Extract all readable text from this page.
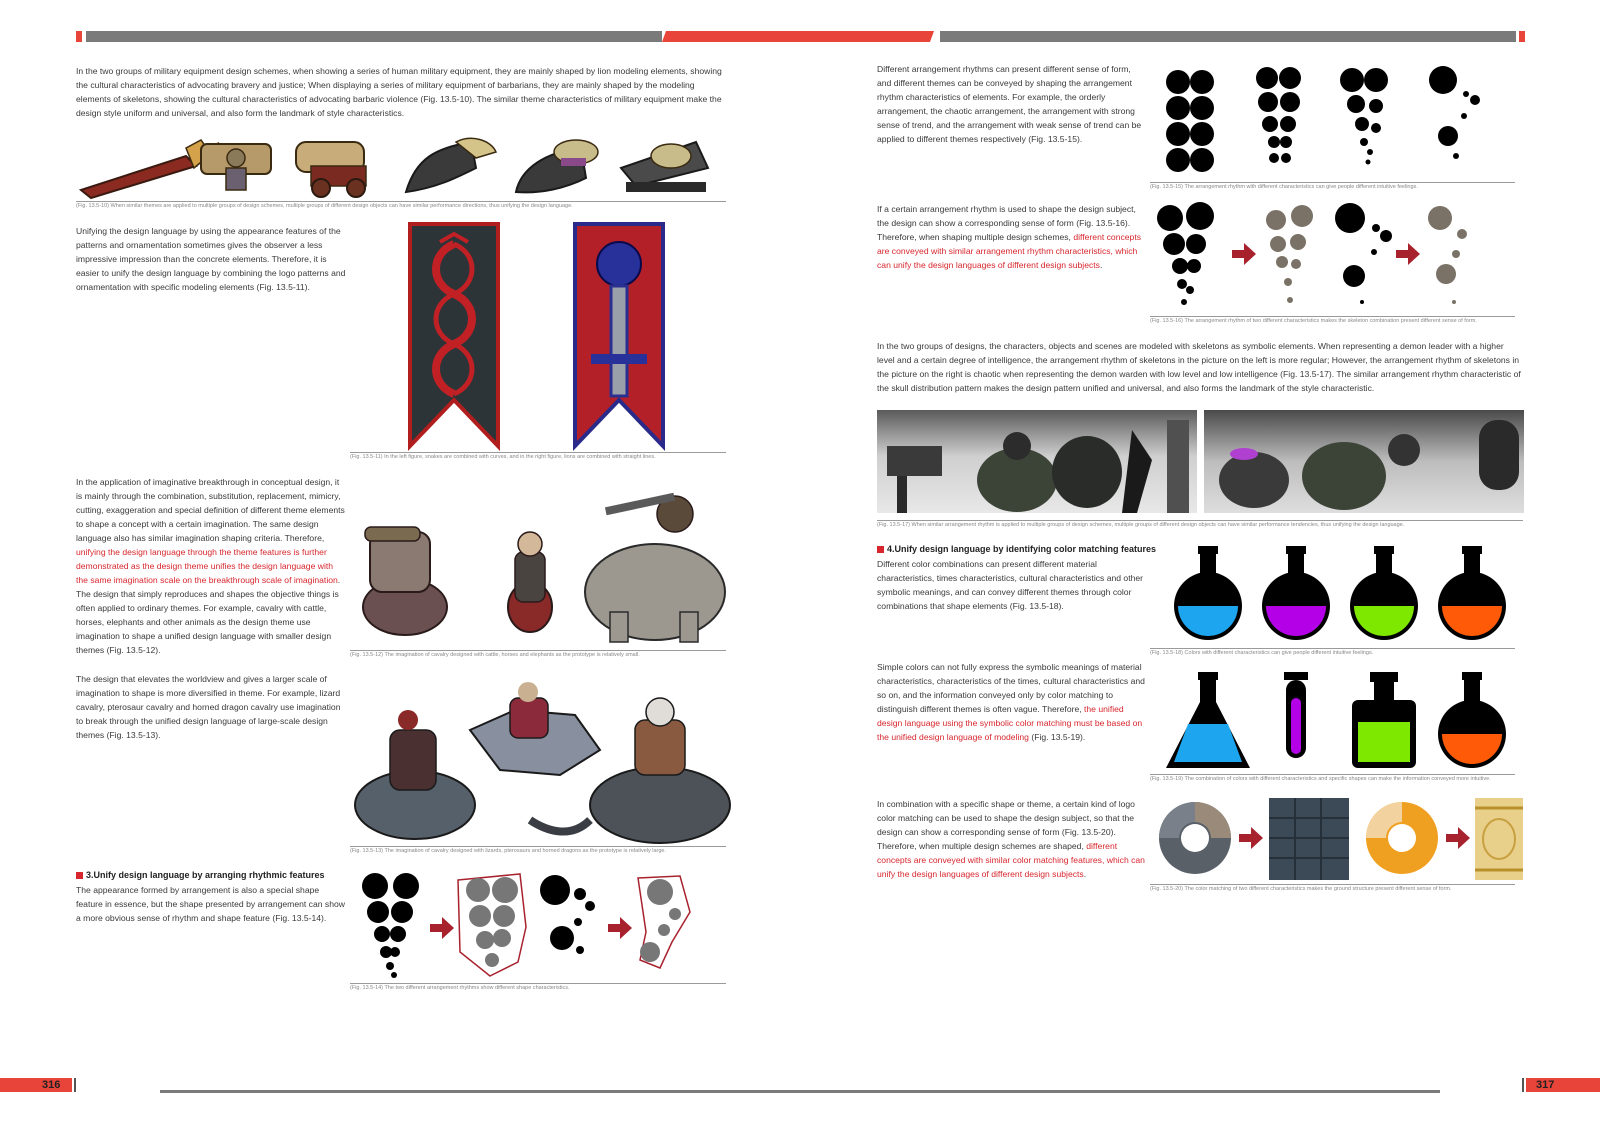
In the two groups of military equipment design schemes, when showing a series of human military equipment, they are mainly shaped by lion modeling elements, showing the cultural characteristics of advocating bravery and justice; When displaying a series of military equipment of barbarians, they are mainly shaped by the modeling elements of skeletons, showing the cultural characteristics of advocating barbaric violence (Fig. 13.5-10). The similar theme characteristics of military equipment make the design style uniform and universal, and also form the landmark of style characteristics.

(Fig. 13.5-10) When similar themes are applied to multiple groups of design schemes, multiple groups of different design objects can have similar performance directions, thus unifying the design language.

Unifying the design language by using the appearance features of the patterns and ornamentation sometimes gives the observer a less impressive impression than the concrete elements. Therefore, it is easier to unify the design language by combining the logo patterns and ornamentation with specific modeling elements (Fig. 13.5-11).

(Fig. 13.5-11) In the left figure, snakes are combined with curves, and in the right figure, lions are combined with straight lines.

In the application of imaginative breakthrough in conceptual design, it is mainly through the combination, substitution, replacement, mimicry, cutting, exaggeration and special definition of different theme elements to shape a concept with a certain imagination. The same design language also has similar imagination shaping criteria. Therefore, unifying the design language through the theme features is further demonstrated as the design theme unifies the design language with the same imagination scale on the breakthrough scale of imagination. The design that simply reproduces and shapes the objective things is often applied to ordinary themes. For example, cavalry with cattle, horses, elephants and other animals as the design theme use imagination to shape a unified design language with smaller design themes (Fig. 13.5-12).	(Fig. 13.5-12) The imagination of cavalry designed with cattle, horses and elephants as the prototype is relatively small.

The design that elevates the worldview and gives a larger scale of imagination to shape is more diversified in theme. For example, lizard cavalry, pterosaur cavalry and horned dragon cavalry use imagination to break through the unified design language of large-scale design themes (Fig. 13.5-13).

(Fig. 13.5-13) The imagination of cavalry designed with lizards, pterosaurs and horned dragons as the prototype is relatively large.
3.Unify design language by arranging rhythmic features

The appearance formed by arrangement is also a special shape feature in essence, but the shape presented by arrangement can show a more obvious sense of rhythm and shape feature (Fig. 13.5-14).

(Fig. 13.5-14) The two different arrangement rhythms show different shape characteristics.

Different arrangement rhythms can present different sense of form, and different themes can be conveyed by shaping the arrangement rhythm characteristics of elements. For example, the orderly arrangement, the chaotic arrangement, the arrangement with strong sense of trend, and the arrangement with weak sense of trend can be applied to different themes respectively (Fig. 13.5-15).

(Fig. 13.5-15) The arrangement rhythm with different characteristics can give people different intuitive feelings.

If a certain arrangement rhythm is used to shape the design subject, the design can show a corresponding sense of form (Fig. 13.5-16). Therefore, when shaping multiple design schemes, different concepts are conveyed with similar arrangement rhythm characteristics, which can unify the design languages of different design subjects.

(Fig. 13.5-16) The arrangement rhythm of two different characteristics makes the skeleton combination present different sense of form.

In the two groups of designs, the characters, objects and scenes are modeled with skeletons as symbolic elements. When representing a demon leader with a higher level and a certain degree of intelligence, the arrangement rhythm of skeletons in the picture on the left is more regular; However, the arrangement rhythm of skeletons in the picture on the right is chaotic when representing the demon warden with low level and low intelligence (Fig. 13.5-17). The similar arrangement rhythm characteristic of the skull distribution pattern makes the design pattern unified and universal, and also forms the landmark of the style characteristic.

(Fig. 13.5-17) When similar arrangement rhythm is applied to multiple groups of design schemes, multiple groups of different design objects can have similar performance tendencies, thus unifying the design language.
4.Unify design language by identifying color matching features

Different color combinations can present different material characteristics, times characteristics, cultural characteristics and other symbolic meanings, and can convey different themes through color combinations that shape elements (Fig. 13.5-18).

(Fig. 13.5-18) Colors with different characteristics can give people different intuitive feelings.

Simple colors can not fully express the symbolic meanings of material characteristics, characteristics of the times, cultural characteristics and so on, and the information conveyed only by color matching to distinguish different themes is often vague. Therefore, the unified design language using the symbolic color matching must be based on the unified design language of modeling (Fig. 13.5-19).

(Fig. 13.5-19) The combination of colors with different characteristics and specific shapes can make the information conveyed more intuitive.

In combination with a specific shape or theme, a certain kind of logo color matching can be used to shape the design subject, so that the design can show a corresponding sense of form (Fig. 13.5-20). Therefore, when multiple design schemes are shaped, different concepts are conveyed with similar color matching features, which can unify the design languages of different design subjects.

(Fig. 13.5-20) The color matching of two different characteristics makes the ground structure present different sense of form.
316	317
